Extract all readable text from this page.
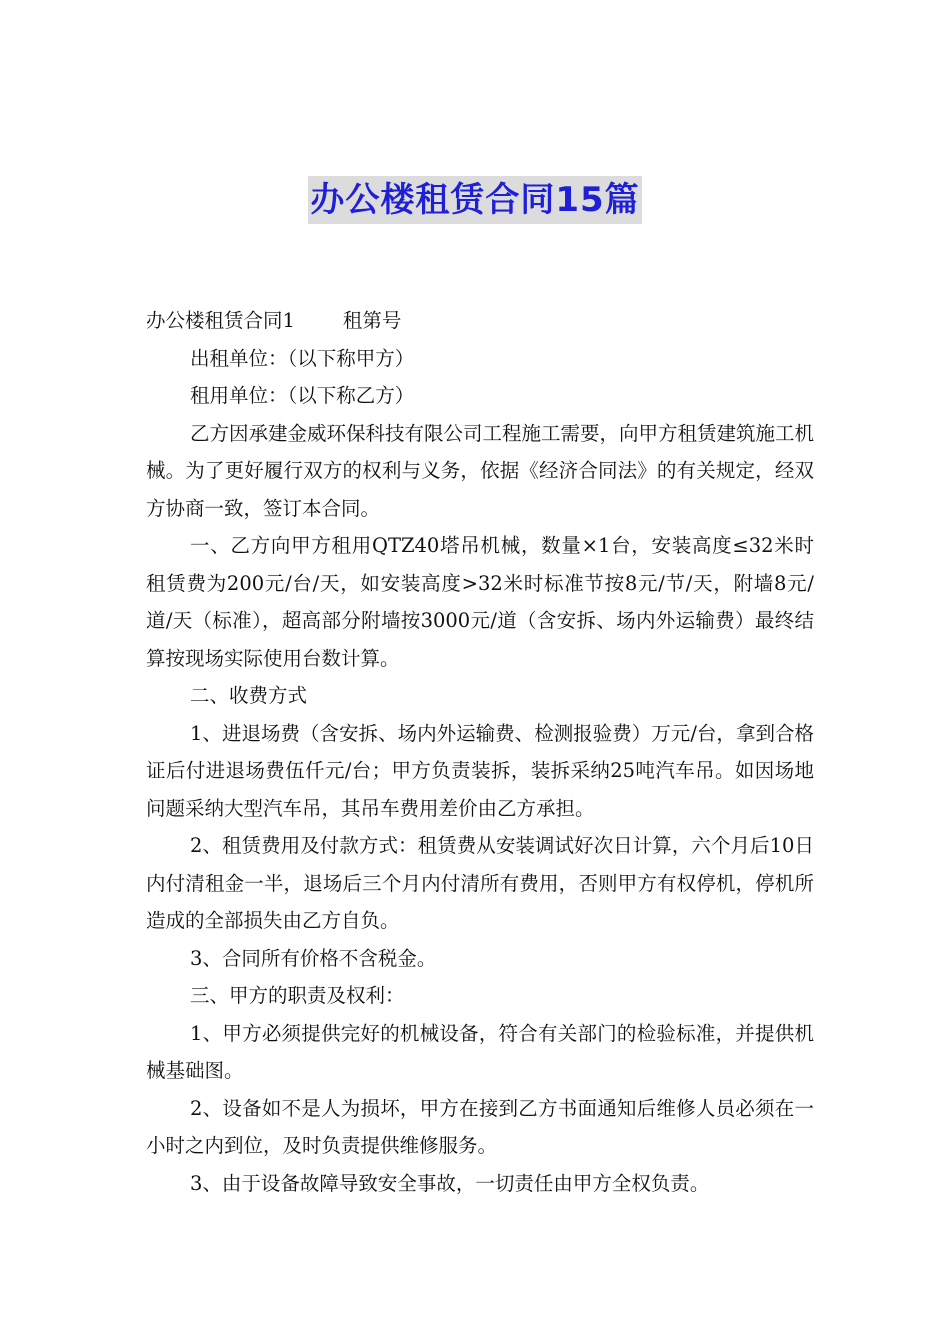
办公楼租赁合同15篇

办公楼租赁合同1 租第号

出租单位：（以下称甲方）

租用单位：（以下称乙方）

乙方因承建金威环保科技有限公司工程施工需要，向甲方租赁建筑施工机械。为了更好履行双方的权利与义务，依据《经济合同法》的有关规定，经双方协商一致，签订本合同。

一、乙方向甲方租用QTZ40塔吊机械，数量×1台，安装高度≤32米时租赁费为200元/台/天，如安装高度>32米时标准节按8元/节/天，附墙8元/道/天（标准），超高部分附墙按3000元/道（含安拆、场内外运输费）最终结算按现场实际使用台数计算。

二、收费方式

1、进退场费（含安拆、场内外运输费、检测报验费）万元/台，拿到合格证后付进退场费伍仟元/台；甲方负责装拆，装拆采纳25吨汽车吊。如因场地问题采纳大型汽车吊，其吊车费用差价由乙方承担。

2、租赁费用及付款方式：租赁费从安装调试好次日计算，六个月后10日内付清租金一半，退场后三个月内付清所有费用，否则甲方有权停机，停机所造成的全部损失由乙方自负。

3、合同所有价格不含税金。

三、甲方的职责及权利：

1、甲方必须提供完好的机械设备，符合有关部门的检验标准，并提供机械基础图。

2、设备如不是人为损坏，甲方在接到乙方书面通知后维修人员必须在一小时之内到位，及时负责提供维修服务。

3、由于设备故障导致安全事故，一切责任由甲方全权负责。
